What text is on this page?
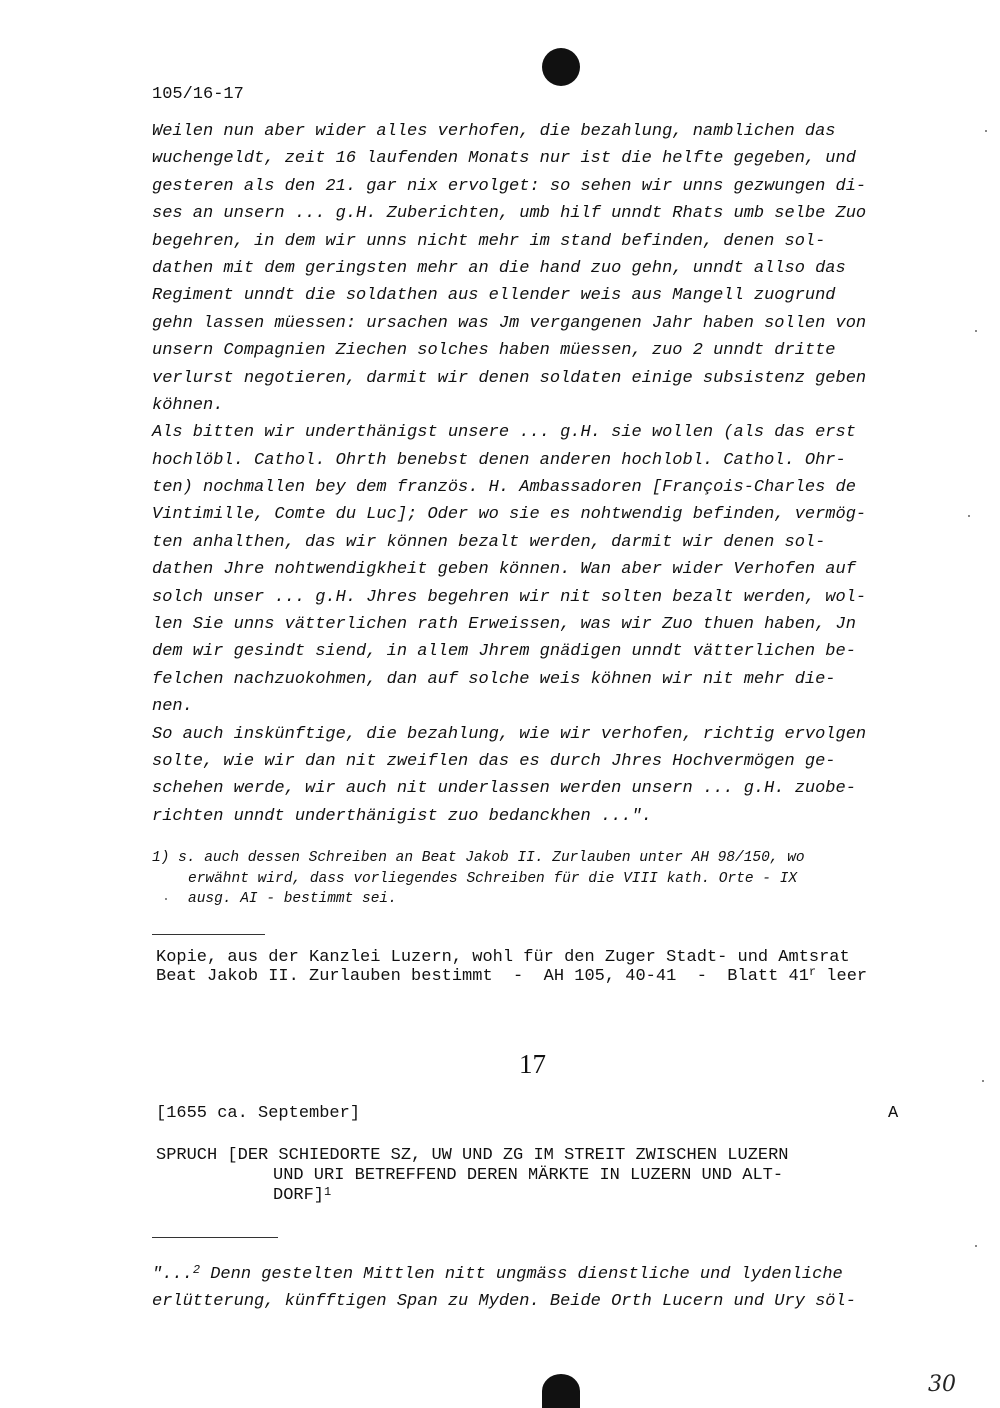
105/16-17
Weilen nun aber wider alles verhofen, die bezahlung, namblichen das
wuchengeldt, zeit 16 laufenden Monats nur ist die helfte gegeben, und
gesteren als den 21. gar nix ervolget: so sehen wir unns gezwungen di-
ses an unsern ... g.H. Zuberichten, umb hilf unndt Rhats umb selbe Zuo
begehren, in dem wir unns nicht mehr im stand befinden, denen sol-
dathen mit dem geringsten mehr an die hand zuo gehn, unndt allso das
Regiment unndt die soldathen aus ellender weis aus Mangell zuogrund
gehn lassen müessen: ursachen was Jm vergangenen Jahr haben sollen von
unsern Compagnien Ziechen solches haben müessen, zuo 2 unndt dritte
verlurst negotieren, darmit wir denen soldaten einige subsistenz geben
köhnen.
Als bitten wir underthänigst unsere ... g.H. sie wollen (als das erst
hochlöbl. Cathol. Ohrth benebst denen anderen hochlobl. Cathol. Ohr-
ten) nochmallen bey dem französ. H. Ambassadoren [François-Charles de
Vintimille, Comte du Luc]; Oder wo sie es nohtwendig befinden, vermög-
ten anhalthen, das wir können bezalt werden, darmit wir denen sol-
dathen Jhre nohtwendigkheit geben können. Wan aber wider Verhofen auf
solch unser ... g.H. Jhres begehren wir nit solten bezalt werden, wol-
len Sie unns vätterlichen rath Erweissen, was wir Zuo thuen haben, Jn
dem wir gesindt siend, in allem Jhrem gnädigen unndt vätterlichen be-
felchen nachzuokohmen, dan auf solche weis köhnen wir nit mehr die-
nen.
So auch inskünftige, die bezahlung, wie wir verhofen, richtig ervolgen
solte, wie wir dan nit zweiflen das es durch Jhres Hochvermögen ge-
schehen werde, wir auch nit underlassen werden unsern ... g.H. zuobe-
richten unndt underthänigist zuo bedanckhen ...".
1) s. auch dessen Schreiben an Beat Jakob II. Zurlauben unter AH 98/150, wo
erwähnt wird, dass vorliegendes Schreiben für die VIII kath. Orte - IX
ausg. AI - bestimmt sei.
Kopie, aus der Kanzlei Luzern, wohl für den Zuger Stadt- und Amtsrat
Beat Jakob II. Zurlauben bestimmt  -  AH 105, 40-41  -  Blatt 41$^r$ leer
17
[1655 ca. September]	A
SPRUCH [DER SCHIEDORTE SZ, UW UND ZG IM STREIT ZWISCHEN LUZERN
UND URI BETREFFEND DEREN MÄRKTE IN LUZERN UND ALT-
DORF]$^1$
"...$^2$ Denn gestelten Mittlen nitt ungmäss dienstliche und lydenliche
erlütterung, künfftigen Span zu Myden. Beide Orth Lucern und Ury söl-
30
